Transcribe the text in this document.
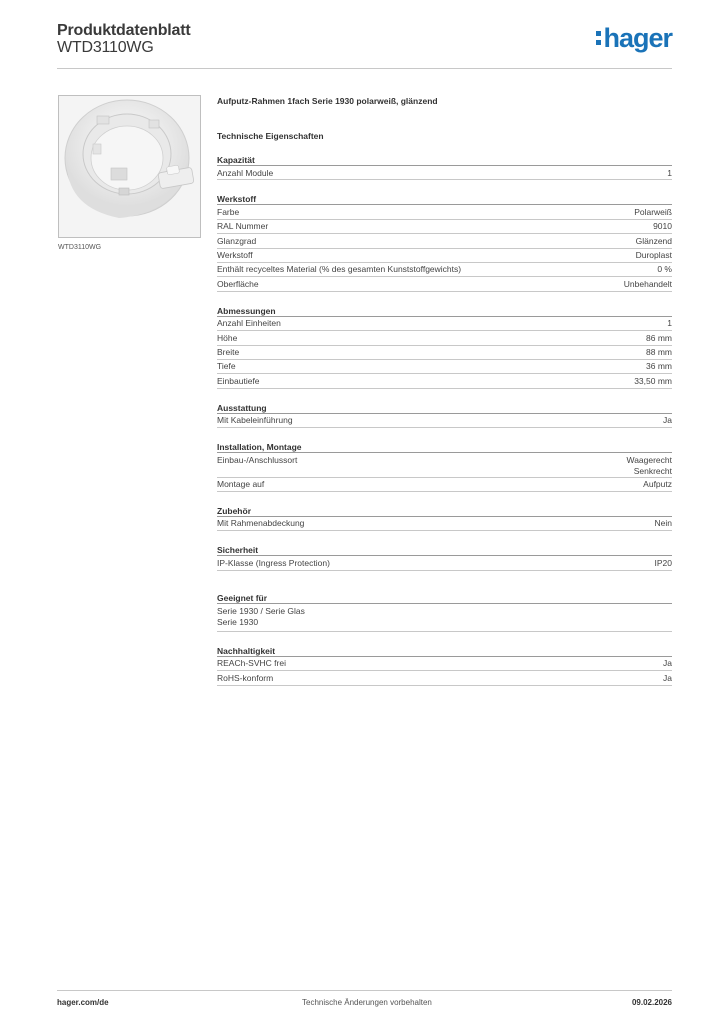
Produktdatenblatt
WTD3110WG	hager
WTD3110WG
Aufputz-Rahmen 1fach Serie 1930 polarweiß, glänzend
Technische Eigenschaften
Kapazität
Anzahl Module	1
Werkstoff
Farbe	Polarweiß
RAL Nummer	9010
Glanzgrad	Glänzend
Werkstoff	Duroplast
Enthält recyceltes Material (% des gesamten Kunststoffgewichts)	0 %
Oberfläche	Unbehandelt
Abmessungen
Anzahl Einheiten	1
Höhe	86 mm
Breite	88 mm
Tiefe	36 mm
Einbautiefe	33,50 mm
Ausstattung
Mit Kabeleinführung	Ja
Installation, Montage
Einbau-/Anschlussort	Waagerecht
Senkrecht
Montage auf	Aufputz
Zubehör
Mit Rahmenabdeckung	Nein
Sicherheit
IP-Klasse (Ingress Protection)	IP20
Geeignet für
Serie 1930 / Serie Glas
Serie 1930
Nachhaltigkeit
REACh-SVHC frei	Ja
RoHS-konform	Ja
hager.com/de	Technische Änderungen vorbehalten	09.02.2026
